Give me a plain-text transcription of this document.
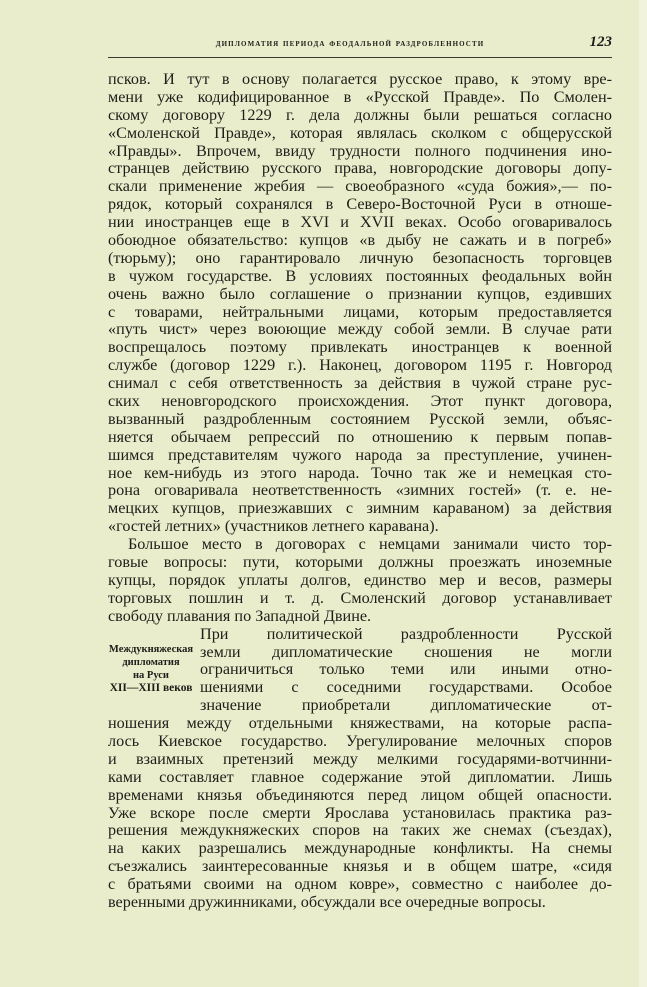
дипломатия периода феодальной раздробленности	123
Междукняжеская
дипломатия
на Руси
XII—XIII веков
псков. И тут в основу полагается русское право, к этому вре-
мени уже кодифицированное в «Русской Правде». По Смолен-
скому договору 1229 г. дела должны были решаться согласно
«Смоленской Правде», которая являлась сколком с общерусской
«Правды». Впрочем, ввиду трудности полного подчинения ино-
странцев действию русского права, новгородские договоры допу-
скали применение жребия — своеобразного «суда божия»,— по-
рядок, который сохранялся в Северо-Восточной Руси в отноше-
нии иностранцев еще в XVI и XVII веках. Особо оговаривалось
обоюдное обязательство: купцов «в дыбу не сажать и в погреб»
(тюрьму); оно гарантировало личную безопасность торговцев
в чужом государстве. В условиях постоянных феодальных войн
очень важно было соглашение о признании купцов, ездивших
с товарами, нейтральными лицами, которым предоставляется
«путь чист» через воюющие между собой земли. В случае рати
воспрещалось поэтому привлекать иностранцев к военной
службе (договор 1229 г.). Наконец, договором 1195 г. Новгород
снимал с себя ответственность за действия в чужой стране рус-
ских неновгородского происхождения. Этот пункт договора,
вызванный раздробленным состоянием Русской земли, объяс-
няется обычаем репрессий по отношению к первым попав-
шимся представителям чужого народа за преступление, учинен-
ное кем-нибудь из этого народа. Точно так же и немецкая сто-
рона оговаривала неответственность «зимних гостей» (т. е. не-
мецких купцов, приезжавших с зимним караваном) за действия
«гостей летних» (участников летнего каравана).
Большое место в договорах с немцами занимали чисто тор-
говые вопросы: пути, которыми должны проезжать иноземные
купцы, порядок уплаты долгов, единство мер и весов, размеры
торговых пошлин и т. д. Смоленский договор устанавливает
свободу плавания по Западной Двине.
При политической раздробленности Русской
земли дипломатические сношения не могли
ограничиться только теми или иными отно-
шениями с соседними государствами. Особое
значение приобретали дипломатические от-
ношения между отдельными княжествами, на которые распа-
лось Киевское государство. Урегулирование мелочных споров
и взаимных претензий между мелкими государями-вотчинни-
ками составляет главное содержание этой дипломатии. Лишь
временами князья объединяются перед лицом общей опасности.
Уже вскоре после смерти Ярослава установилась практика раз-
решения междукняжеских споров на таких же снемах (съездах),
на каких разрешались международные конфликты. На снемы
съезжались заинтересованные князья и в общем шатре, «сидя
с братьями своими на одном ковре», совместно с наиболее до-
веренными дружинниками, обсуждали все очередные вопросы.
